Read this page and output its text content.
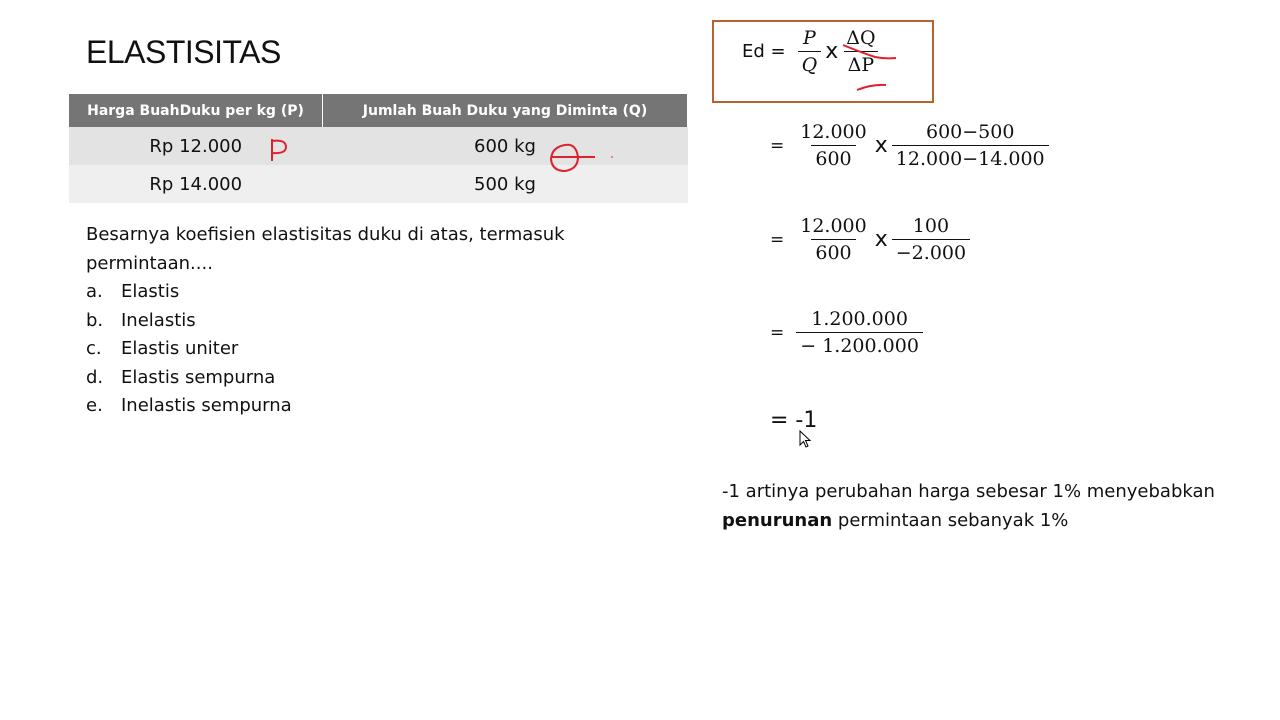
ELASTISITAS
Harga BuahDuku per kg (P)	Jumlah Buah Duku yang Diminta (Q)
Rp 12.000	600 kg
Rp 14.000	500 kg
Besarnya koefisien elastisitas duku di atas, termasuk permintaan....
a.	Elastis
b. Inelastis
c.	Elastis uniter
d. Elastis sempurna
e.	Inelastis sempurna
$Ed = \frac{P}{Q}$ x $\frac{\Delta Q}{\Delta P}$
= $\frac{12.000}{600}$ x $\frac{600-500}{12.000-14.000}$
= $\frac{12.000}{600}$ x $\frac{100}{-2.000}$
= $\frac{1.200.000}{- 1.200.000}$
= -1
-1 artinya perubahan harga sebesar 1% menyebabkan
penurunan permintaan sebanyak 1%
